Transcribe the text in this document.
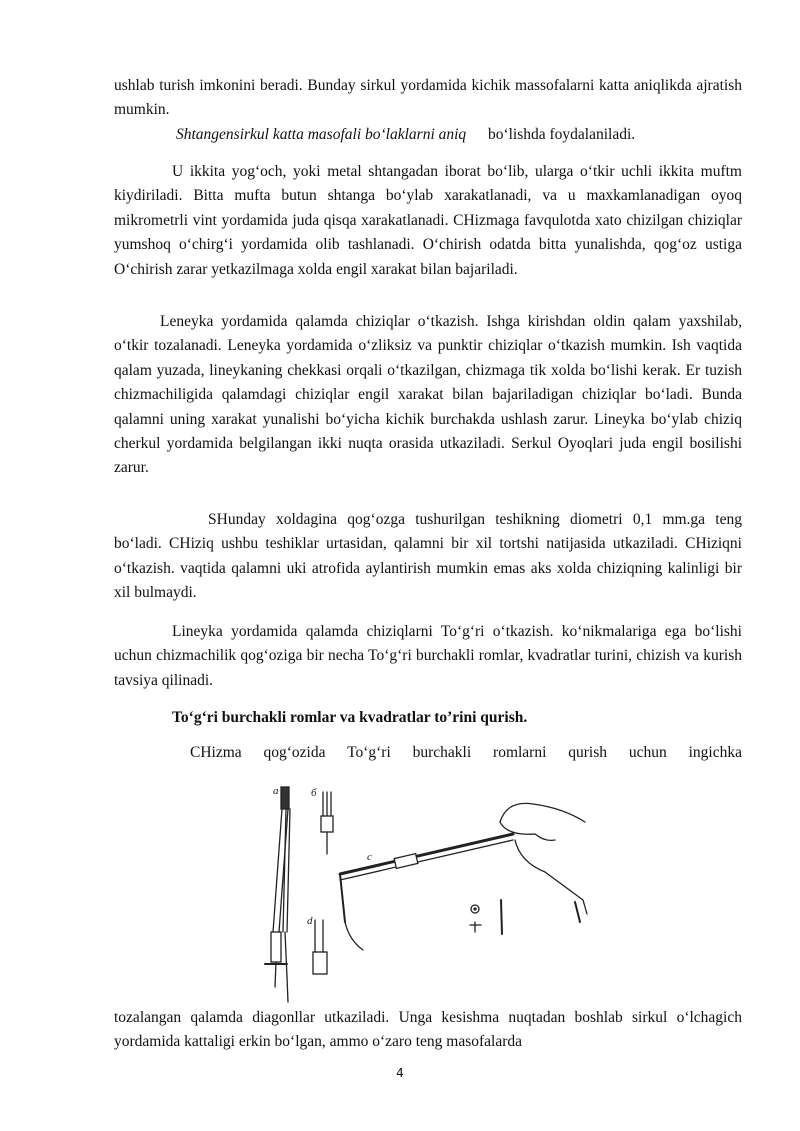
ushlab turish imkonini beradi. Bunday sirkul yordamida kichik massofalarni katta aniqlikda ajratish mumkin.

Shtangensirkul katta masofali bo‘laklarni aniq bo‘lishda foydalaniladi.

U ikkita yog‘och, yoki metal shtangadan iborat bo‘lib, ularga o‘tkir uchli ikkita muftm kiydiriladi. Bitta mufta butun shtanga bo‘ylab xarakatlanadi, va u maxkamlanadigan oyoq mikrometrli vint yordamida juda qisqa xarakatlanadi. CHizmaga favqulotda xato chizilgan chiziqlar yumshoq o‘chirg‘i yordamida olib tashlanadi. O‘chirish odatda bitta yunalishda, qog‘oz ustiga O‘chirish zarar yetkazilmaga xolda engil xarakat bilan bajariladi.

Leneyka yordamida qalamda chiziqlar o‘tkazish. Ishga kirishdan oldin qalam yaxshilab, o‘tkir tozalanadi. Leneyka yordamida o‘zliksiz va punktir chiziqlar o‘tkazish mumkin. Ish vaqtida qalam yuzada, lineykaning chekkasi orqali o‘tkazilgan, chizmaga tik xolda bo‘lishi kerak. Er tuzish chizmachiligida qalamdagi chiziqlar engil xarakat bilan bajariladigan chiziqlar bo‘ladi. Bunda qalamni uning xarakat yunalishi bo‘yicha kichik burchakda ushlash zarur. Lineyka bo‘ylab chiziq cherkul yordamida belgilangan ikki nuqta orasida utkaziladi. Serkul Oyoqlari juda engil bosilishi zarur.

SHunday xoldagina qog‘ozga tushurilgan teshikning diometri 0,1 mm.ga teng bo‘ladi. CHiziq ushbu teshiklar urtasidan, qalamni bir xil tortshi natijasida utkaziladi. CHiziqni o‘tkazish. vaqtida qalamni uki atrofida aylantirish mumkin emas aks xolda chiziqning kalinligi bir xil bulmaydi.

Lineyka yordamida qalamda chiziqlarni To‘g‘ri o‘tkazish. ko‘nikmalariga ega bo‘lishi uchun chizmachilik qog‘oziga bir necha To‘g‘ri burchakli romlar, kvadratlar turini, chizish va kurish tavsiya qilinadi.

To‘g‘ri burchakli romlar va kvadratlar to’rini qurish.

CHizma qog‘ozida To‘g‘ri burchakli romlarni qurish uchun ingichka

a	б
c
d

tozalangan qalamda diagonllar utkaziladi. Unga kesishma nuqtadan boshlab sirkul o‘lchagich yordamida kattaligi erkin bo‘lgan, ammo o‘zaro teng masofalarda

4
